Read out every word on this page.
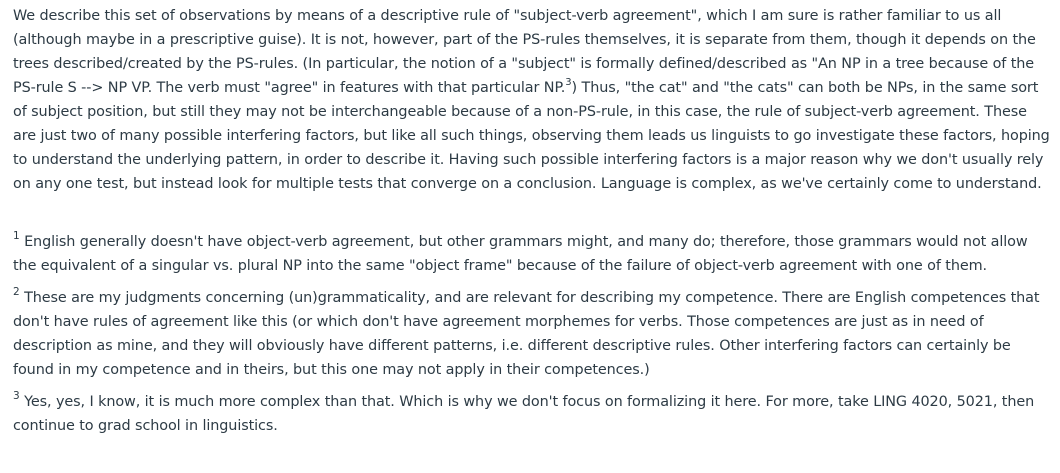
We describe this set of observations by means of a descriptive rule of "subject-verb agreement", which I am sure is rather familiar to us all (although maybe in a prescriptive guise). It is not, however, part of the PS-rules themselves, it is separate from them, though it depends on the trees described/created by the PS-rules. (In particular, the notion of a "subject" is formally defined/described as "An NP in a tree because of the PS-rule S --> NP VP. The verb must "agree" in features with that particular NP.$^3$) Thus, "the cat" and "the cats" can both be NPs, in the same sort of subject position, but still they may not be interchangeable because of a non-PS-rule, in this case, the rule of subject-verb agreement. These are just two of many possible interfering factors, but like all such things, observing them leads us linguists to go investigate these factors, hoping to understand the underlying pattern, in order to describe it. Having such possible interfering factors is a major reason why we don't usually rely on any one test, but instead look for multiple tests that converge on a conclusion. Language is complex, as we've certainly come to understand.

$^1$ English generally doesn't have object-verb agreement, but other grammars might, and many do; therefore, those grammars would not allow the equivalent of a singular vs. plural NP into the same "object frame" because of the failure of object-verb agreement with one of them.

$^2$ These are my judgments concerning (un)grammaticality, and are relevant for describing my competence. There are English competences that don't have rules of agreement like this (or which don't have agreement morphemes for verbs. Those competences are just as in need of description as mine, and they will obviously have different patterns, i.e. different descriptive rules. Other interfering factors can certainly be found in my competence and in theirs, but this one may not apply in their competences.)

$^3$ Yes, yes, I know, it is much more complex than that. Which is why we don't focus on formalizing it here. For more, take LING 4020, 5021, then continue to grad school in linguistics.
